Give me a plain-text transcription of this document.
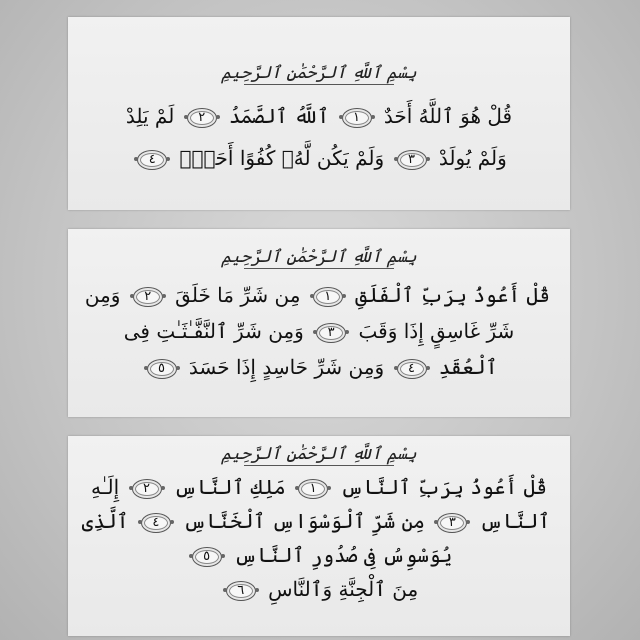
بِسْمِ ٱللَّهِ ٱلرَّحْمَٰنِ ٱلرَّحِيمِ
قُلْ هُوَ ٱللَّهُ أَحَدٌ ١ ٱللَّهُ ٱلصَّمَدُ ٢ لَمْ يَلِدْ
وَلَمْ يُولَدْ ٣ وَلَمْ يَكُن لَّهُۥ كُفُوًا أَحَدٌۢ ٤
بِسْمِ ٱللَّهِ ٱلرَّحْمَٰنِ ٱلرَّحِيمِ
قُلْ أَعُوذُ بِرَبِّ ٱلْفَلَقِ ١ مِن شَرِّ مَا خَلَقَ ٢ وَمِن
شَرِّ غَاسِقٍ إِذَا وَقَبَ ٣ وَمِن شَرِّ ٱلنَّفَّـٰثَـٰتِ فِى
ٱلْعُقَدِ ٤ وَمِن شَرِّ حَاسِدٍ إِذَا حَسَدَ ٥
بِسْمِ ٱللَّهِ ٱلرَّحْمَٰنِ ٱلرَّحِيمِ
قُلْ أَعُوذُ بِرَبِّ ٱلنَّاسِ ١ مَلِكِ ٱلنَّاسِ ٢ إِلَـٰهِ
ٱلنَّاسِ ٣ مِن شَرِّ ٱلْوَسْوَاسِ ٱلْخَنَّاسِ ٤ ٱلَّذِى
يُوَسْوِسُ فِى صُدُورِ ٱلنَّاسِ ٥
مِنَ ٱلْجِنَّةِ وَٱلنَّاسِ ٦
